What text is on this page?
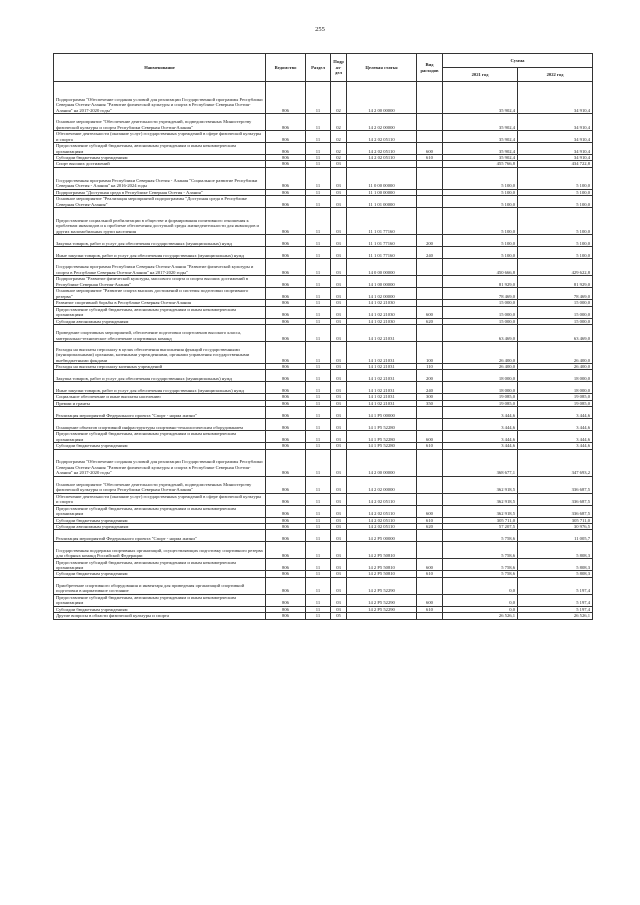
255
Наименование	Ведомство	Раздел	Подраз-дел	Целевая статья	Вид расходов	Сумма	
						2021 год	2022 год
Подпрограмма "Обеспечение создания условий для реализации Государственной программы Республики Северная Осетия-Алания "Развитие физической культуры и спорта в Республике Северная Осетия-Алания" на 2017-2020 годы"	806	11	02	14 2 00 00000		35 902,4	34 910,4
Основное мероприятие "Обеспечение деятельности учреждений, подведомственных Министерству физической культуры и спорта Республики Северная Осетия-Алания"	806	11	02	14 2 02 00000		35 902,4	34 910,4
Обеспечение деятельности (оказание услуг) государственных учреждений в сфере физической культуры и спорта	806	11	02	14 2 02 05110		35 902,4	34 910,4
Предоставление субсидий бюджетным, автономным учреждениям и иным некоммерческим организациям	806	11	02	14 2 02 05110	600	35 902,4	34 910,4
Субсидии бюджетным учреждениям	806	11	02	14 2 02 05110	610	35 902,4	34 910,4
Спорт высших достижений	806	11	03			455 766,8	434 722,8
Государственная программа Республики Северная Осетия - Алания "Социальное развитие Республики Северная Осетия - Алания" на 2016-2024 годы	806	11	03	11 0 00 00000		5 100,0	5 100,0
Подпрограмма "Доступная среда в Республике Северная Осетия - Алания"	806	11	03	11 1 00 00000		5 100,0	5 100,0
Основное мероприятие "Реализация мероприятий подпрограммы "Доступная среда в Республике Северная Осетия-Алания"	806	11	03	11 1 01 00000		5 100,0	5 100,0
Предоставление социальной реабилитации в обществе и формирования позитивного отношения к проблемам инвалидов и к проблеме обеспечения доступной среды жизнедеятельности для инвалидов и других маломобильных групп населения	806	11	03	11 1 01 77160		5 100,0	5 100,0
Закупка товаров, работ и услуг для обеспечения государственных (муниципальных) нужд	806	11	03	11 1 01 77160	200	5 100,0	5 100,0
Иные закупки товаров, работ и услуг для обеспечения государственных (муниципальных) нужд	806	11	03	11 1 01 77160	240	5 100,0	5 100,0
Государственная программа Республики Северная Осетия-Алания "Развитие физической культуры и спорта в Республике Северная Осетия-Алания" на 2017-2020 годы"	806	11	03	14 0 00 00000		450 666,8	429 622,8
Подпрограмма "Развитие физической культуры, массового спорта и спорта высших достижений в Республике Северная Осетия-Алания"	806	11	03	14 1 00 00000		81 929,0	81 929,0
Основное мероприятие "Развитие спорта высших достижений и системы подготовки спортивного резерва"	806	11	03	14 1 02 00000		78 469,0	78 469,0
Развитие спортивной борьбы в Республике Северная Осетия-Алания	806	11	03	14 1 02 21030		15 000,0	15 000,0
Предоставление субсидий бюджетным, автономным учреждениям и иным некоммерческим организациям	806	11	03	14 1 02 21030	600	15 000,0	15 000,0
Субсидии автономным учреждениям	806	11	03	14 1 02 21030	620	15 000,0	15 000,0
Проведение спортивных мероприятий, обеспечение подготовки спортсменов высокого класса, материально-техническое обеспечение спортивных команд	806	11	03	14 1 02 21031		63 469,0	63 469,0
Расходы на выплаты персоналу в целях обеспечения выполнения функций государственными (муниципальными) органами, казенными учреждениями, органами управления государственными внебюджетными фондами	806	11	03	14 1 02 21031	100	26 400,0	26 400,0
Расходы на выплаты персоналу казенных учреждений	806	11	03	14 1 02 21031	110	26 400,0	26 400,0
Закупка товаров, работ и услуг для обеспечения государственных (муниципальных) нужд	806	11	03	14 1 02 21031	200	18 000,0	18 000,0
Иные закупки товаров, работ и услуг для обеспечения государственных (муниципальных) нужд	806	11	03	14 1 02 21031	240	18 000,0	18 000,0
Социальное обеспечение и иные выплаты населению	806	11	03	14 1 02 21031	300	19 085,0	19 085,0
Премии и гранты	806	11	03	14 1 02 21031	350	19 085,0	19 085,0
Реализация мероприятий Федерального проекта "Спорт - норма жизни"	806	11	03	14 1 P5 00000		3 444,6	3 444,6
Оснащение объектов спортивной инфраструктуры спортивно-технологическим оборудованием	806	11	03	14 1 P5 52280		3 444,6	3 444,6
Предоставление субсидий бюджетным, автономным учреждениям и иным некоммерческим организациям	806	11	03	14 1 P5 52280	600	3 444,6	3 444,6
Субсидии бюджетным учреждениям	806	11	03	14 1 P5 52280	610	3 444,6	3 444,6
Подпрограмма "Обеспечение создания условий для реализации Государственной программы Республики Северная Осетия-Алания "Развитие физической культуры и спорта в Республике Северная Осетия-Алания" на 2017-2020 годы"	806	11	03	14 2 00 00000		368 677,1	347 693,2
Основное мероприятие "Обеспечение деятельности учреждений, подведомственных Министерству физической культуры и спорта Республики Северная Осетия-Алания"	806	11	03	14 2 02 00000		362 918,5	336 687,5
Обеспечение деятельности (оказание услуг) государственных учреждений в сфере физической культуры и спорта	806	11	03	14 2 02 05110		362 918,5	336 687,5
Предоставление субсидий бюджетным, автономным учреждениям и иным некоммерческим организациям	806	11	03	14 2 02 05110	600	362 918,5	336 687,5
Субсидии бюджетным учреждениям	806	11	03	14 2 02 05110	610	305 711,0	305 711,0
Субсидии автономным учреждениям	806	11	03	14 2 02 05110	620	57 207,5	30 976,5
Реализация мероприятий Федерального проекта "Спорт - норма жизни"	806	11	03	14 2 P5 00000		5 758,6	11 005,7
Государственная поддержка спортивных организаций, осуществляющих подготовку спортивного резерва для сборных команд Российской Федерации	806	11	03	14 2 P5 50810		5 758,6	5 808,3
Предоставление субсидий бюджетным, автономным учреждениям и иным некоммерческим организациям	806	11	03	14 2 P5 50810	600	5 758,6	5 808,3
Субсидии бюджетным учреждениям	806	11	03	14 2 P5 50810	610	5 758,6	5 808,3
Приобретение спортивного оборудования и инвентаря для приведения организаций спортивной подготовки в нормативное состояние	806	11	03	14 2 P5 52290		0,0	5 197,4
Предоставление субсидий бюджетным, автономным учреждениям и иным некоммерческим организациям	806	11	03	14 2 P5 52290	600	0,0	5 197,4
Субсидии бюджетным учреждениям	806	11	03	14 2 P5 52290	610	0,0	5 197,4
Другие вопросы в области физической культуры и спорта	806	11	05			26 526,1	26 526,1
